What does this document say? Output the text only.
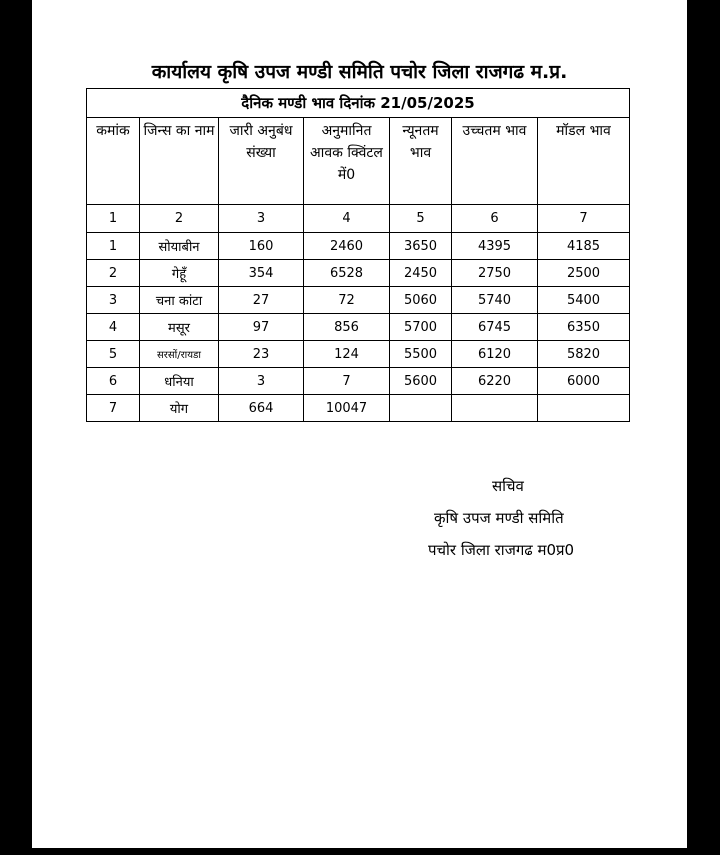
कार्यालय कृषि उपज मण्डी समिति पचोर जिला राजगढ म.प्र.
दैनिक मण्डी भाव दिनांक 21/05/2025						
कमांक	जिन्स का नाम	जारी अनुबंध संख्या	अनुमानित आवक क्विंटल में0	न्यूनतम भाव	उच्चतम भाव	मॉडल भाव
1	2	3	4	5	6	7
1	सोयाबीन	160	2460	3650	4395	4185
2	गेहूँ	354	6528	2450	2750	2500
3	चना कांटा	27	72	5060	5740	5400
4	मसूर	97	856	5700	6745	6350
5	सरसों/रायडा	23	124	5500	6120	5820
6	धनिया	3	7	5600	6220	6000
7	योग	664	10047			
सचिव
कृषि उपज मण्डी समिति
पचोर जिला राजगढ म0प्र0
